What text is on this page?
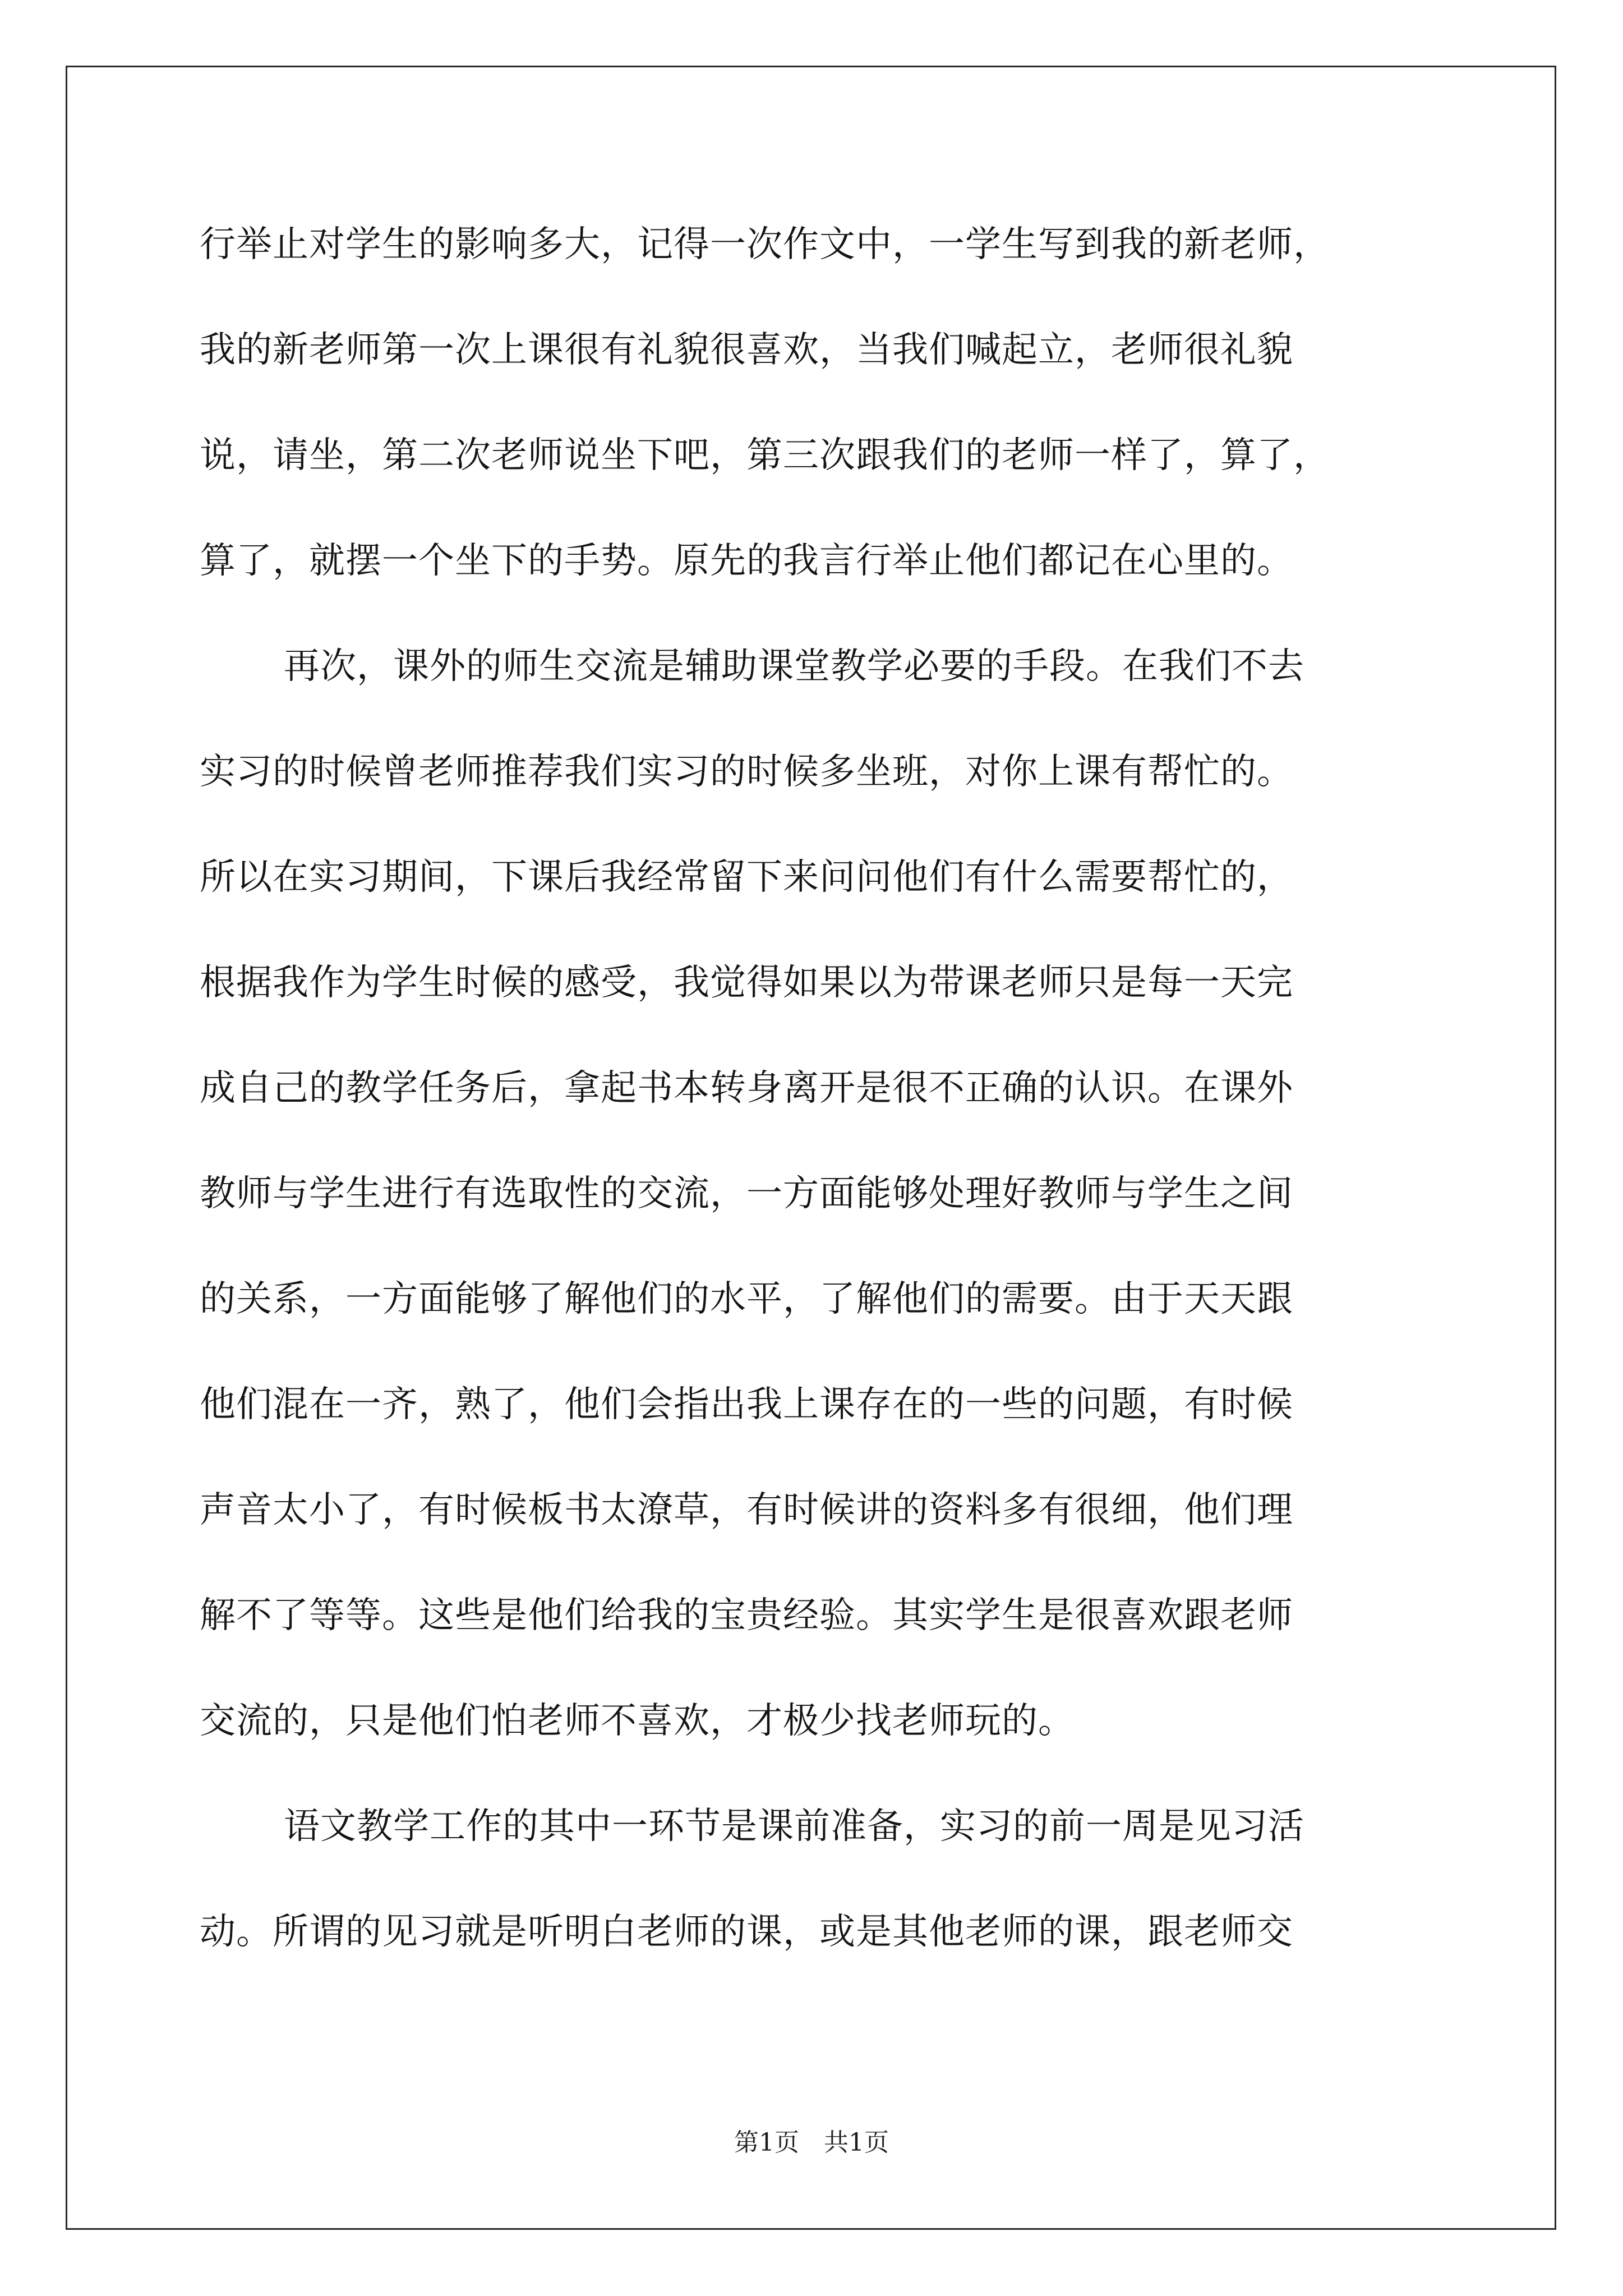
行举止对学生的影响多大，记得一次作文中，一学生写到我的新老师，
我的新老师第一次上课很有礼貌很喜欢，当我们喊起立，老师很礼貌
说，请坐，第二次老师说坐下吧，第三次跟我们的老师一样了，算了，
算了，就摆一个坐下的手势。原先的我言行举止他们都记在心里的。
再次，课外的师生交流是辅助课堂教学必要的手段。在我们不去
实习的时候曾老师推荐我们实习的时候多坐班，对你上课有帮忙的。
所以在实习期间，下课后我经常留下来问问他们有什么需要帮忙的，
根据我作为学生时候的感受，我觉得如果以为带课老师只是每一天完
成自己的教学任务后，拿起书本转身离开是很不正确的认识。在课外
教师与学生进行有选取性的交流，一方面能够处理好教师与学生之间
的关系，一方面能够了解他们的水平，了解他们的需要。由于天天跟
他们混在一齐，熟了，他们会指出我上课存在的一些的问题，有时候
声音太小了，有时候板书太潦草，有时候讲的资料多有很细，他们理
解不了等等。这些是他们给我的宝贵经验。其实学生是很喜欢跟老师
交流的，只是他们怕老师不喜欢，才极少找老师玩的。
语文教学工作的其中一环节是课前准备，实习的前一周是见习活
动。所谓的见习就是听明白老师的课，或是其他老师的课，跟老师交
第1页 共1页
